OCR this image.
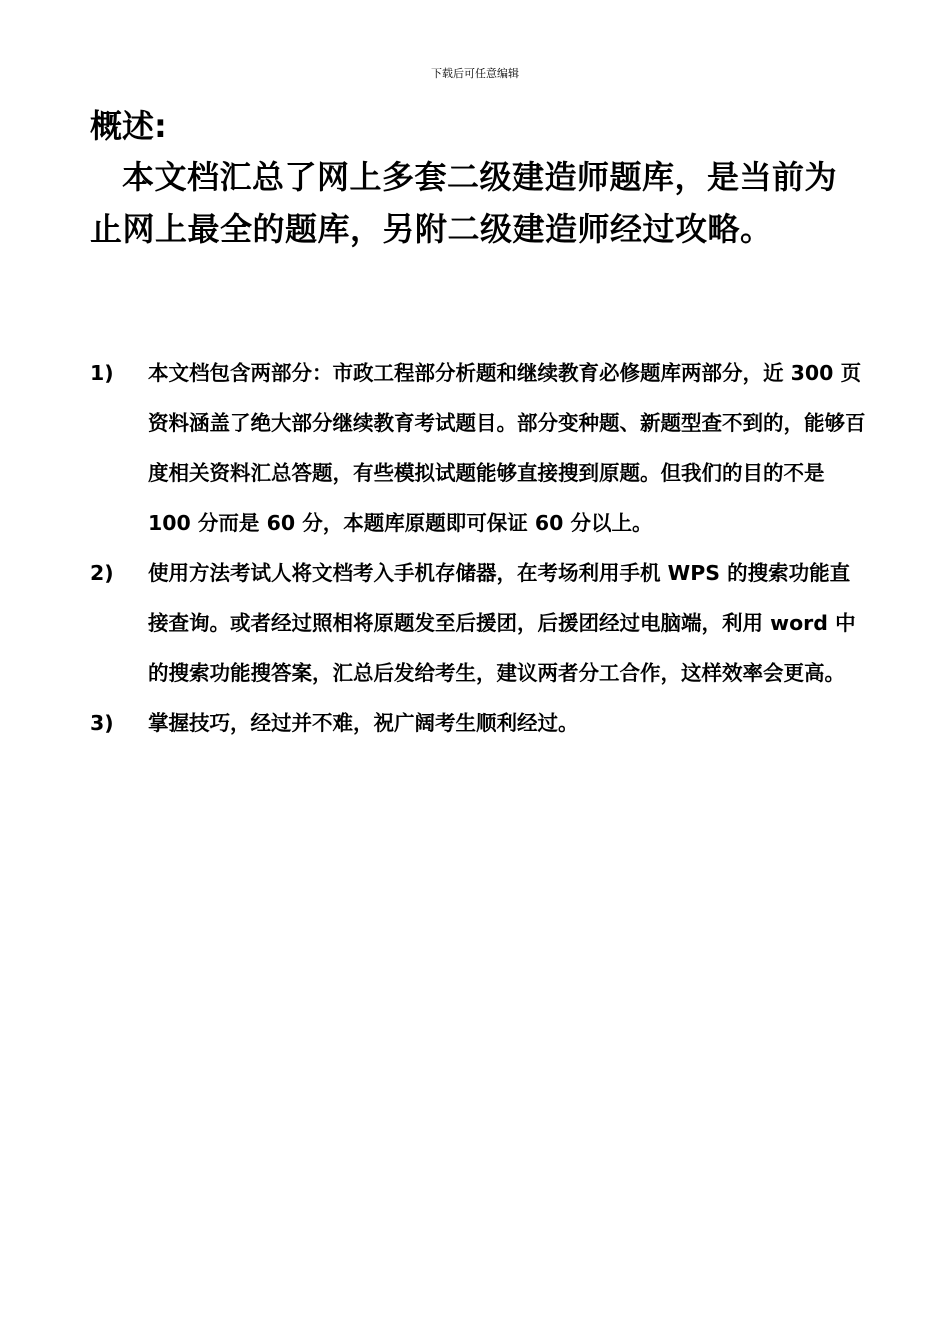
下载后可任意编辑
概述:

本文档汇总了网上多套二级建造师题库，是当前为止网上最全的题库，另附二级建造师经过攻略。

1)	本文档包含两部分：市政工程部分析题和继续教育必修题库两部分，近 300 页资料涵盖了绝大部分继续教育考试题目。部分变种题、新题型查不到的，能够百度相关资料汇总答题，有些模拟试题能够直接搜到原题。但我们的目的不是 100 分而是 60 分，本题库原题即可保证 60 分以上。
2)	使用方法考试人将文档考入手机存储器，在考场利用手机 WPS 的搜索功能直接查询。或者经过照相将原题发至后援团，后援团经过电脑端，利用 word 中的搜索功能搜答案，汇总后发给考生，建议两者分工合作，这样效率会更高。
3)	掌握技巧，经过并不难，祝广阔考生顺利经过。
